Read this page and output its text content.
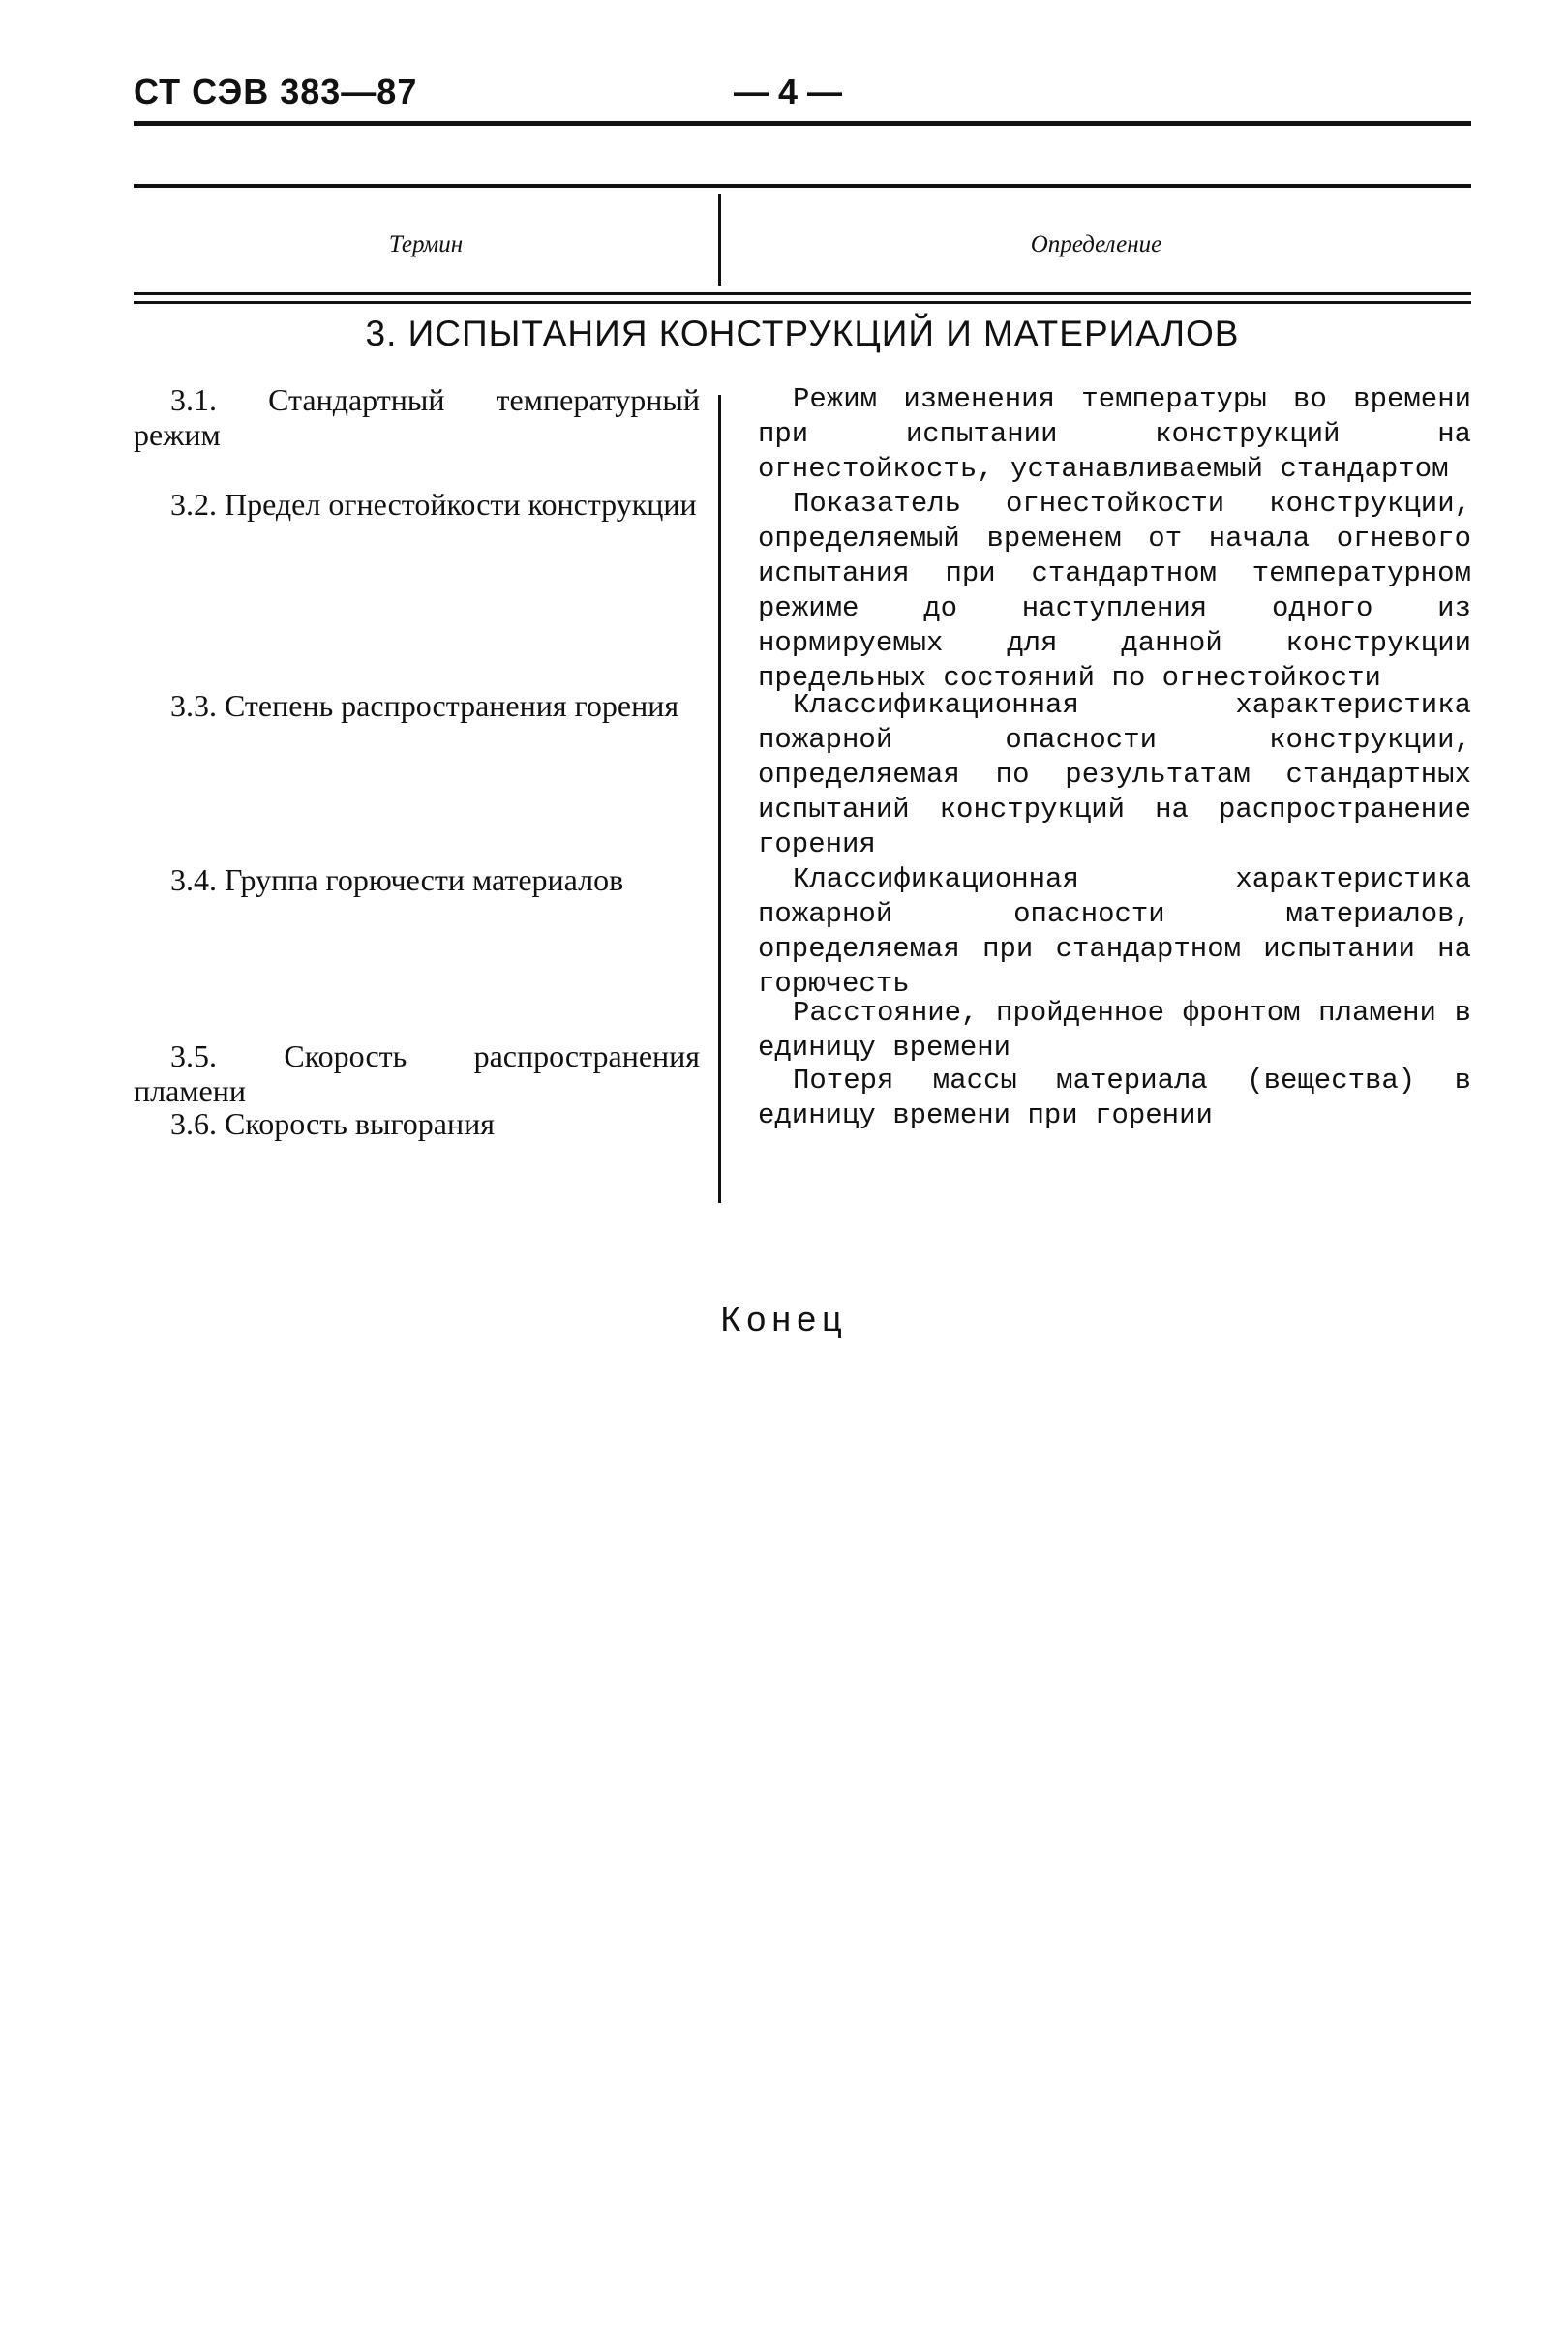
СТ СЭВ 383—87	— 4 —
Термин	Определение
3. ИСПЫТАНИЯ КОНСТРУКЦИЙ И МАТЕРИАЛОВ
3.1. Стандартный температурный режим
3.2. Предел огнестойкости конструкции
3.3. Степень распространения горения
3.4. Группа горючести материалов
3.5. Скорость распространения пламени
3.6. Скорость выгорания
Режим изменения температуры во времени при испытании конструкций на огнестойкость, устанавливаемый стандартом
Показатель огнестойкости конструкции, определяемый временем от начала огневого испытания при стандартном температурном режиме до наступления одного из нормируемых для данной конструкции предельных состояний по огнестойкости
Классификационная характеристика пожарной опасности конструкции, определяемая по результатам стандартных испытаний конструкций на распространение горения
Классификационная характеристика пожарной опасности материалов, определяемая при стандартном испытании на горючесть
Расстояние, пройденное фронтом пламени в единицу времени
Потеря массы материала (вещества) в единицу времени при горении
Конец
